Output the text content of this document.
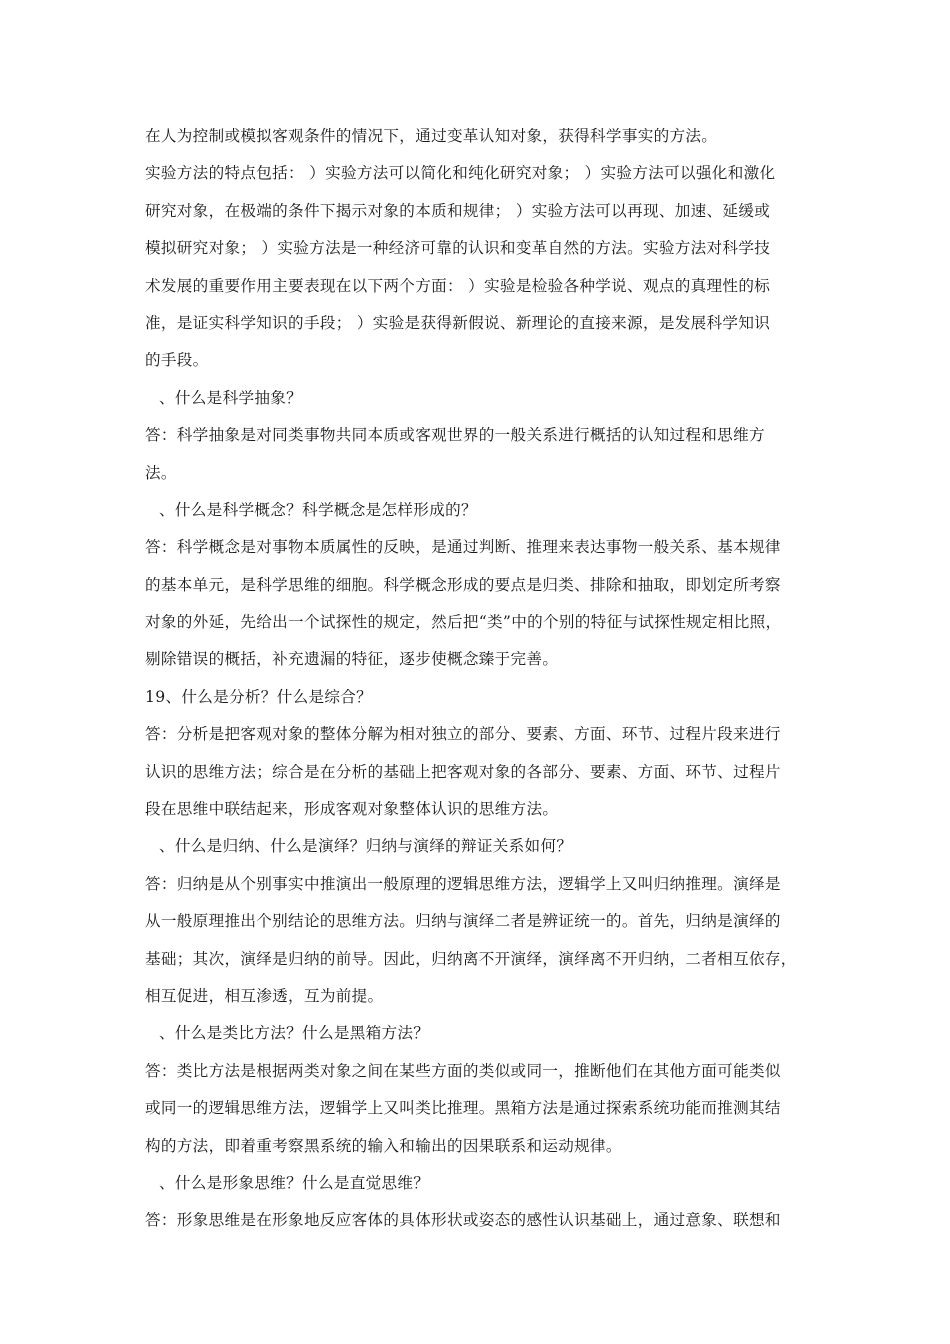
在人为控制或模拟客观条件的情况下，通过变革认知对象，获得科学事实的方法。
实验方法的特点包括： ）实验方法可以简化和纯化研究对象； ）实验方法可以强化和激化
研究对象，在极端的条件下揭示对象的本质和规律； ）实验方法可以再现、加速、延缓或
模拟研究对象； ）实验方法是一种经济可靠的认识和变革自然的方法。实验方法对科学技
术发展的重要作用主要表现在以下两个方面： ）实验是检验各种学说、观点的真理性的标
准，是证实科学知识的手段； ）实验是获得新假说、新理论的直接来源，是发展科学知识
的手段。
、什么是科学抽象？
答：科学抽象是对同类事物共同本质或客观世界的一般关系进行概括的认知过程和思维方
法。
、什么是科学概念？科学概念是怎样形成的？
答：科学概念是对事物本质属性的反映，是通过判断、推理来表达事物一般关系、基本规律
的基本单元，是科学思维的细胞。科学概念形成的要点是归类、排除和抽取，即划定所考察
对象的外延，先给出一个试探性的规定，然后把“类”中的个别的特征与试探性规定相比照，
剔除错误的概括，补充遗漏的特征，逐步使概念臻于完善。
19、什么是分析？什么是综合？
答：分析是把客观对象的整体分解为相对独立的部分、要素、方面、环节、过程片段来进行
认识的思维方法；综合是在分析的基础上把客观对象的各部分、要素、方面、环节、过程片
段在思维中联结起来，形成客观对象整体认识的思维方法。
、什么是归纳、什么是演绎？归纳与演绎的辩证关系如何？
答：归纳是从个别事实中推演出一般原理的逻辑思维方法，逻辑学上又叫归纳推理。演绎是
从一般原理推出个别结论的思维方法。归纳与演绎二者是辨证统一的。首先，归纳是演绎的
基础；其次，演绎是归纳的前导。因此，归纳离不开演绎，演绎离不开归纳，二者相互依存，
相互促进，相互渗透，互为前提。
、什么是类比方法？什么是黑箱方法？
答：类比方法是根据两类对象之间在某些方面的类似或同一，推断他们在其他方面可能类似
或同一的逻辑思维方法，逻辑学上又叫类比推理。黑箱方法是通过探索系统功能而推测其结
构的方法，即着重考察黑系统的输入和输出的因果联系和运动规律。
、什么是形象思维？什么是直觉思维？
答：形象思维是在形象地反应客体的具体形状或姿态的感性认识基础上，通过意象、联想和
